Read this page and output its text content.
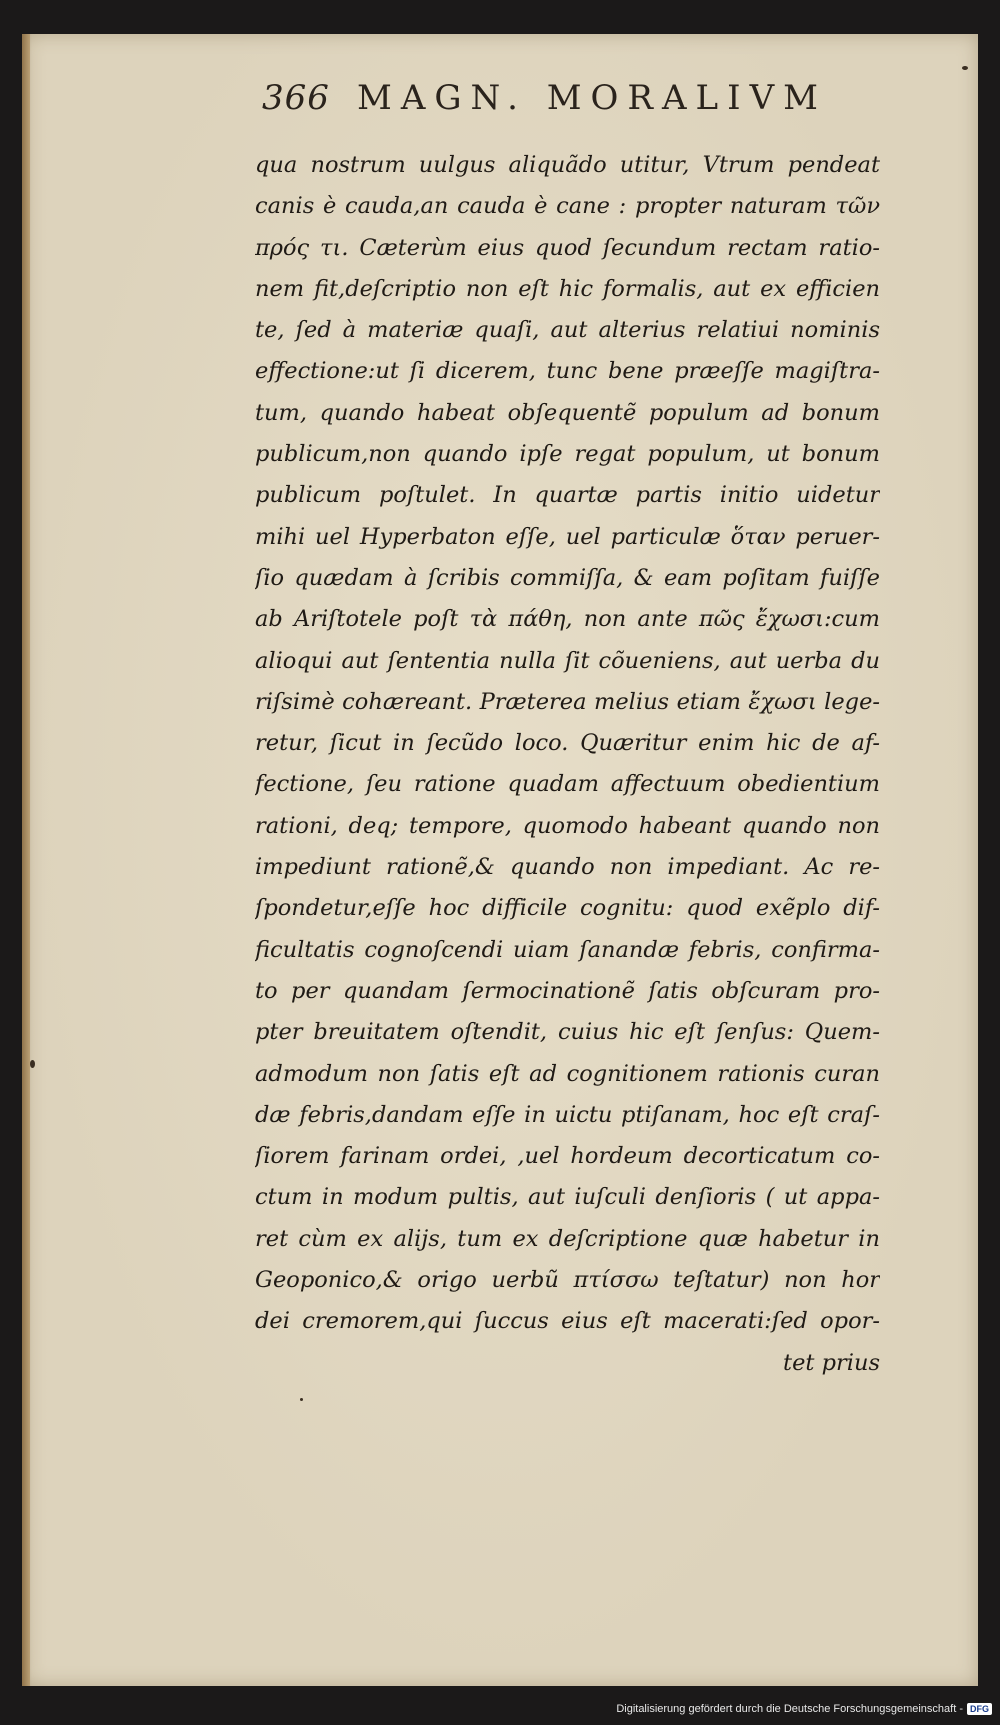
366 MAGN. MORALIVM
qua nostrum uulgus aliquãdo utitur, Vtrum pendeat
canis è cauda,an cauda è cane : propter naturam τῶν
πρός τι. Cæterùm eius quod ſecundum rectam ratio-
nem fit,deſcriptio non eſt hic formalis, aut ex efficien
te, ſed à materiæ quaſi, aut alterius relatiui nominis
effectione:ut ſi dicerem, tunc bene præeſſe magiſtra-
tum, quando habeat obſequentẽ populum ad bonum
publicum,non quando ipſe regat populum, ut bonum
publicum poſtulet. In quartæ partis initio uidetur
mihi uel Hyperbaton eſſe, uel particulæ ὅταν peruer-
ſio quædam à ſcribis commiſſa, & eam poſitam fuiſſe
ab Ariſtotele poſt τὰ πάθη, non ante πῶς ἔχωσι:cum
alioqui aut ſententia nulla ſit cõueniens, aut uerba du
riſsimè cohæreant. Præterea melius etiam ἔχωσι lege-
retur, ſicut in ſecũdo loco. Quæritur enim hic de af-
fectione, ſeu ratione quadam affectuum obedientium
rationi, deq; tempore, quomodo habeant quando non
impediunt rationẽ,& quando non impediant. Ac re-
ſpondetur,eſſe hoc difficile cognitu: quod exẽplo dif-
ficultatis cognoſcendi uiam ſanandæ febris, confirma-
to per quandam ſermocinationẽ ſatis obſcuram pro-
pter breuitatem oſtendit, cuius hic eſt ſenſus: Quem-
admodum non ſatis eſt ad cognitionem rationis curan
dæ febris,dandam eſſe in uictu ptiſanam, hoc eſt craſ-
ſiorem farinam ordei, ,uel hordeum decorticatum co-
ctum in modum pultis, aut iuſculi denſioris ( ut appa-
ret cùm ex alijs, tum ex deſcriptione quæ habetur in
Geoponico,& origo uerbũ πτίσσω teſtatur) non hor
dei cremorem,qui ſuccus eius eſt macerati:ſed opor-
tet prius
Digitalisierung gefördert durch die Deutsche Forschungsgemeinschaft - DFG
